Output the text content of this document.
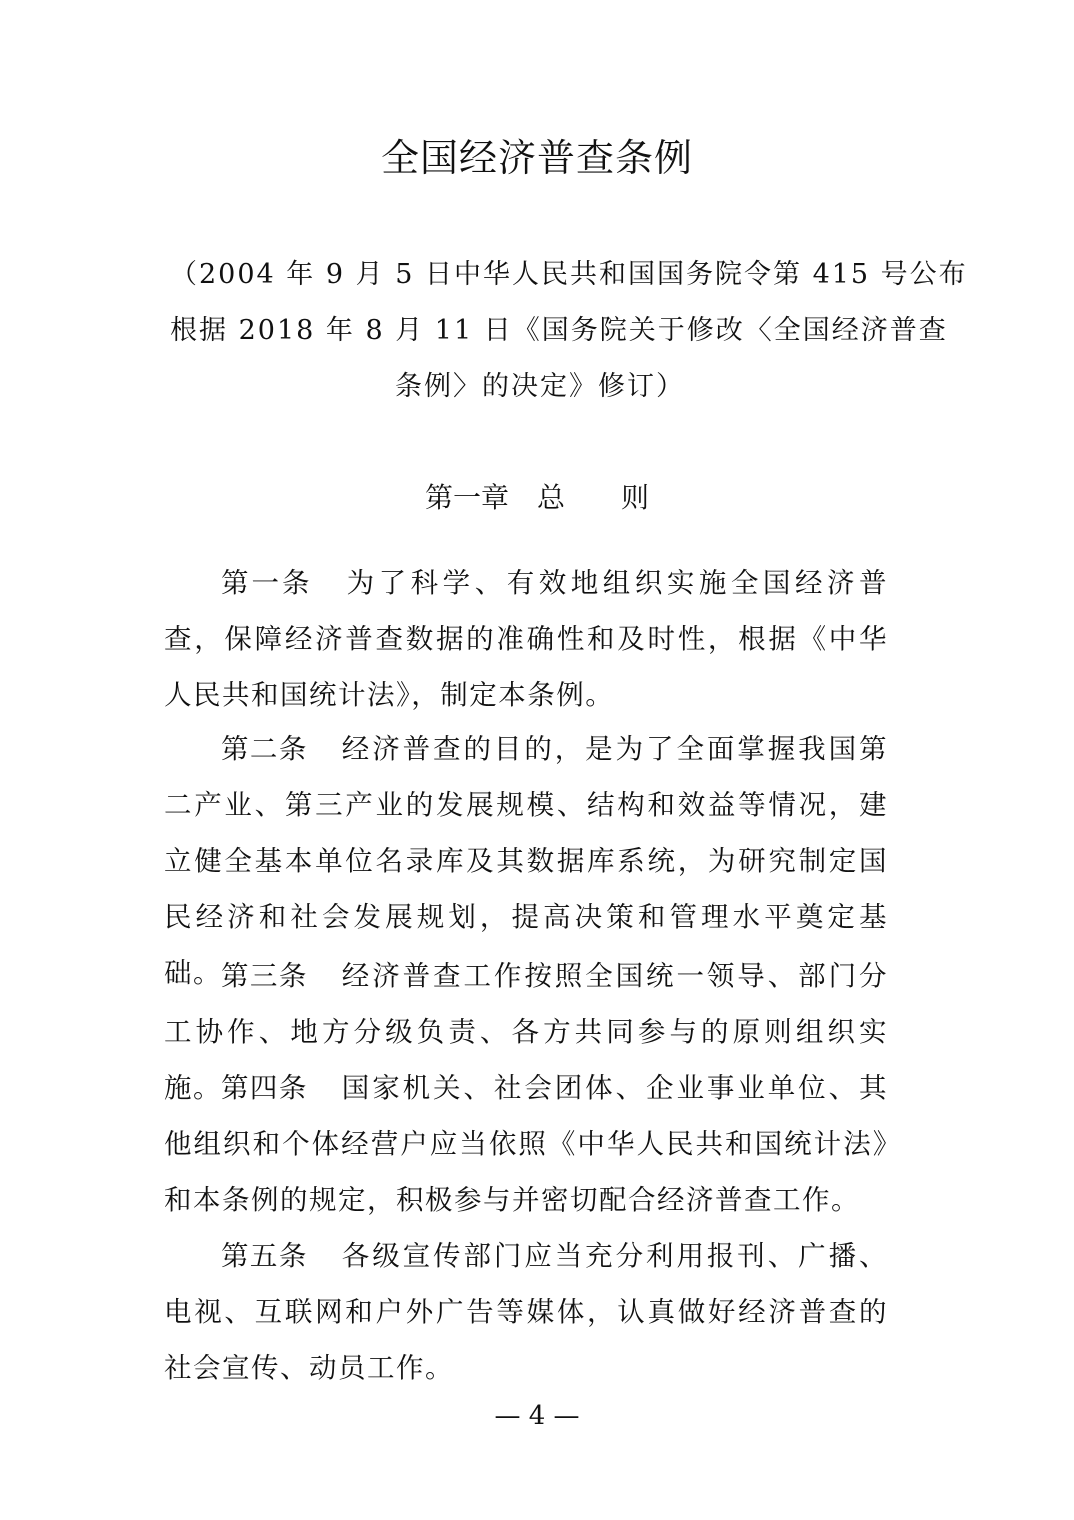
全国经济普查条例
（2004 年 9 月 5 日中华人民共和国国务院令第 415 号公布
根据 2018 年 8 月 11 日《国务院关于修改〈全国经济普查
条例〉的决定》修订）
第一章　总　　则

第一条 为了科学、有效地组织实施全国经济普查，保障经济普查数据的准确性和及时性，根据《中华人民共和国统计法》，制定本条例。

第二条 经济普查的目的，是为了全面掌握我国第二产业、第三产业的发展规模、结构和效益等情况，建立健全基本单位名录库及其数据库系统，为研究制定国民经济和社会发展规划，提高决策和管理水平奠定基础。 第三条 经济普查工作按照全国统一领导、部门分工协作、地方分级负责、各方共同参与的原则组织实施。 第四条 国家机关、社会团体、企业事业单位、其他组织和个体经营户应当依照《中华人民共和国统计法》和本条例的规定，积极参与并密切配合经济普查工作。

第五条 各级宣传部门应当充分利用报刊、广播、电视、互联网和户外广告等媒体，认真做好经济普查的社会宣传、动员工作。

— 4 —
